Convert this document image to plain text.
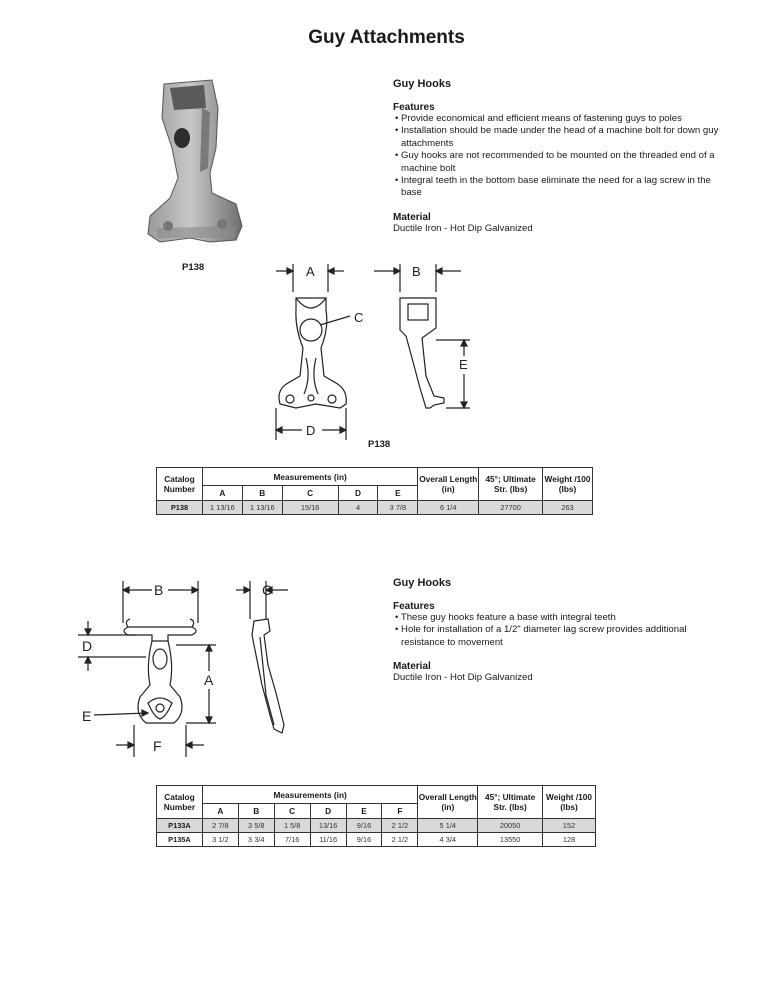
Guy Attachments
P138
Guy Hooks
Features
• Provide economical and efficient means of fastening guys to poles
• Installation should be made under the head of a machine bolt for down guy attachments
• Guy hooks are not recommended to be mounted on the threaded end of a machine bolt
• Integral teeth in the bottom base eliminate the need for a lag screw in the base
Material
Ductile Iron - Hot Dip Galvanized
A
C
D
B
E
P138
Catalog Number	Measurements (in)					Overall Length (in)	45°; Ultimate Str. (lbs)	Weight /100 (lbs)
	A	B	C	D	E			
P138	1 13/16	1 13/16	15/16	4	3 7/8	6 1/4	27700	263
B
D
A
E
F
C	Guy Hooks
Features
• These guy hooks feature a base with integral teeth
• Hole for installation of a 1/2" diameter lag screw provides additional resistance to movement
Material
Ductile Iron - Hot Dip Galvanized
Catalog Number	Measurements (in)						Overall Length (in)	45°; Ultimate Str. (lbs)	Weight /100 (lbs)
	A	B	C	D	E	F			
P133A	2 7/8	3 5/8	1 5/8	13/16	9/16	2 1/2	5 1/4	20050	152
P135A	3 1/2	3 3/4	7/16	11/16	9/16	2 1/2	4 3/4	13550	128
